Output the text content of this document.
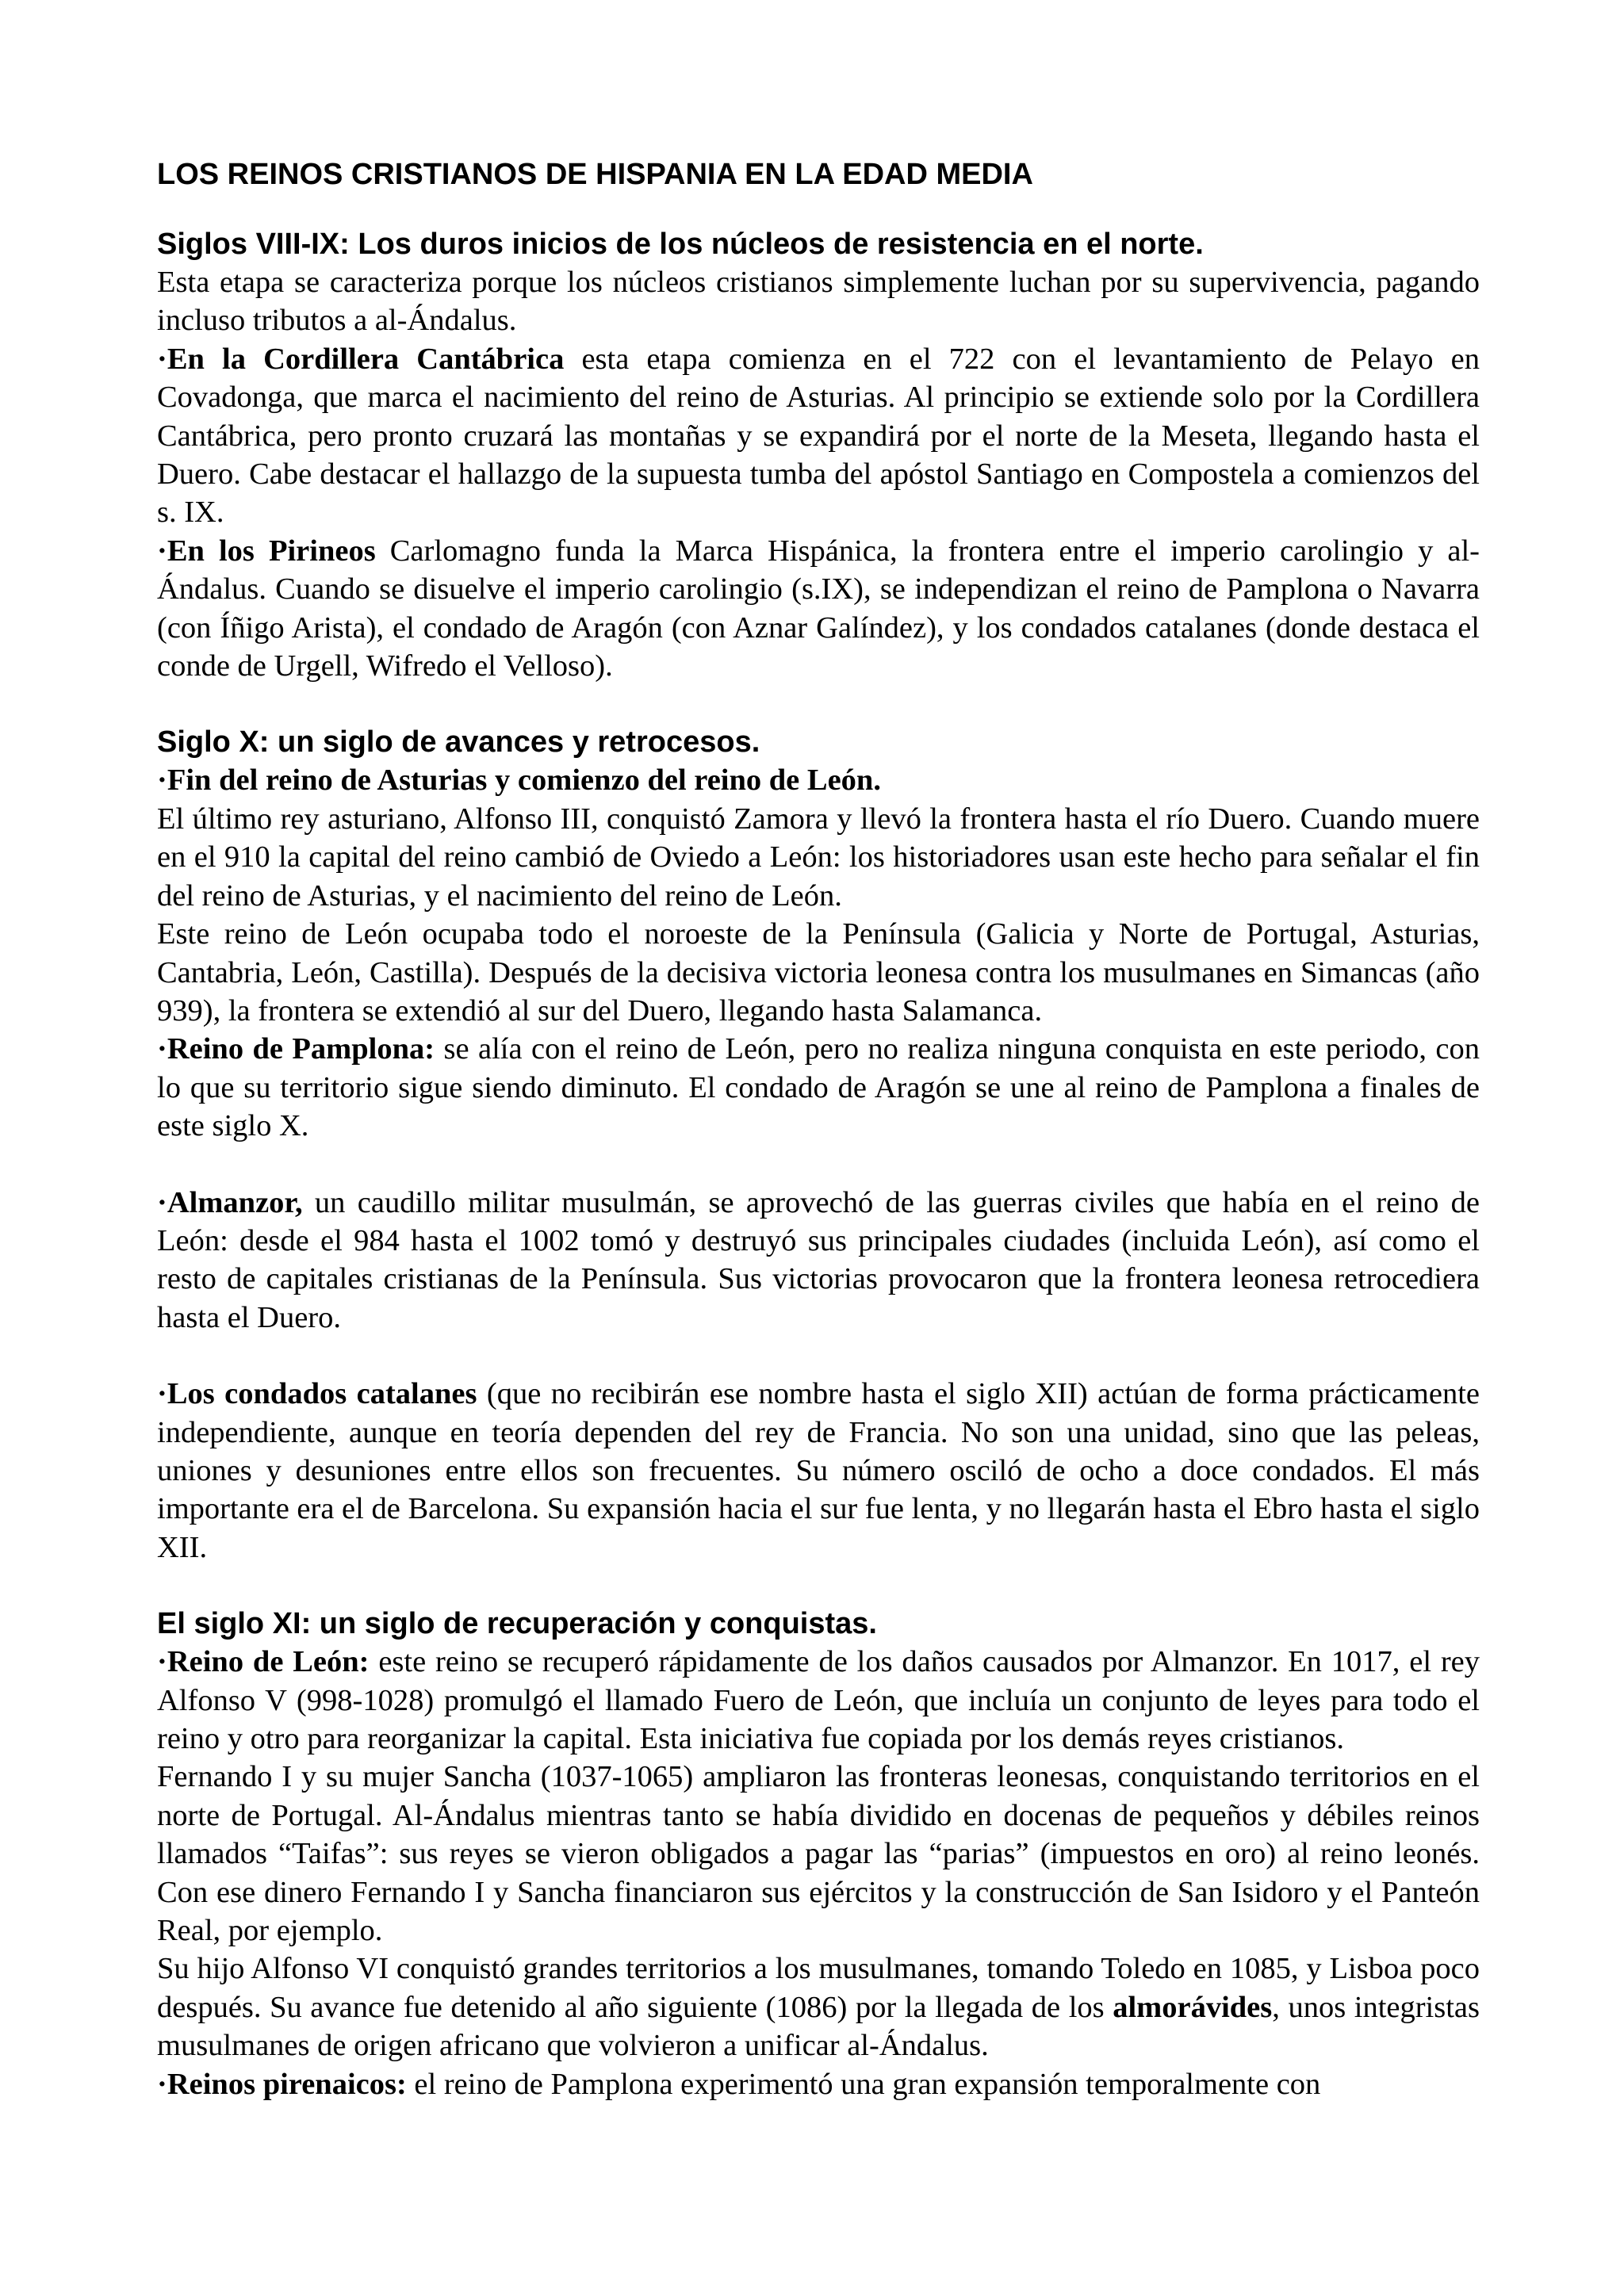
LOS REINOS CRISTIANOS DE HISPANIA EN LA EDAD MEDIA
Siglos VIII-IX: Los duros inicios de los núcleos de resistencia en el norte.

Esta etapa se caracteriza porque los núcleos cristianos simplemente luchan por su supervivencia, pagando incluso tributos a al-Ándalus.

·En la Cordillera Cantábrica esta etapa comienza en el 722 con el levantamiento de Pelayo en Covadonga, que marca el nacimiento del reino de Asturias. Al principio se extiende solo por la Cordillera Cantábrica, pero pronto cruzará las montañas y se expandirá por el norte de la Meseta, llegando hasta el Duero. Cabe destacar el hallazgo de la supuesta tumba del apóstol Santiago en Compostela a comienzos del s. IX.

·En los Pirineos Carlomagno funda la Marca Hispánica, la frontera entre el imperio carolingio y al-Ándalus. Cuando se disuelve el imperio carolingio (s.IX), se independizan el reino de Pamplona o Navarra (con Íñigo Arista), el condado de Aragón (con Aznar Galíndez), y los condados catalanes (donde destaca el conde de Urgell, Wifredo el Velloso).

Siglo X: un siglo de avances y retrocesos.

·Fin del reino de Asturias y comienzo del reino de León.

El último rey asturiano, Alfonso III, conquistó Zamora y llevó la frontera hasta el río Duero. Cuando muere en el 910 la capital del reino cambió de Oviedo a León: los historiadores usan este hecho para señalar el fin del reino de Asturias, y el nacimiento del reino de León.

Este reino de León ocupaba todo el noroeste de la Península (Galicia y Norte de Portugal, Asturias, Cantabria, León, Castilla). Después de la decisiva victoria leonesa contra los musulmanes en Simancas (año 939), la frontera se extendió al sur del Duero, llegando hasta Salamanca.

·Reino de Pamplona: se alía con el reino de León, pero no realiza ninguna conquista en este periodo, con lo que su territorio sigue siendo diminuto. El condado de Aragón se une al reino de Pamplona a finales de este siglo X.

·Almanzor, un caudillo militar musulmán, se aprovechó de las guerras civiles que había en el reino de León: desde el 984 hasta el 1002 tomó y destruyó sus principales ciudades (incluida León), así como el resto de capitales cristianas de la Península. Sus victorias provocaron que la frontera leonesa retrocediera hasta el Duero.

·Los condados catalanes (que no recibirán ese nombre hasta el siglo XII) actúan de forma prácticamente independiente, aunque en teoría dependen del rey de Francia. No son una unidad, sino que las peleas, uniones y desuniones entre ellos son frecuentes. Su número osciló de ocho a doce condados. El más importante era el de Barcelona. Su expansión hacia el sur fue lenta, y no llegarán hasta el Ebro hasta el siglo XII.

El siglo XI: un siglo de recuperación y conquistas.

·Reino de León: este reino se recuperó rápidamente de los daños causados por Almanzor. En 1017, el rey Alfonso V (998-1028) promulgó el llamado Fuero de León, que incluía un conjunto de leyes para todo el reino y otro para reorganizar la capital. Esta iniciativa fue copiada por los demás reyes cristianos.

Fernando I y su mujer Sancha (1037-1065) ampliaron las fronteras leonesas, conquistando territorios en el norte de Portugal. Al-Ándalus mientras tanto se había dividido en docenas de pequeños y débiles reinos llamados “Taifas”: sus reyes se vieron obligados a pagar las “parias” (impuestos en oro) al reino leonés. Con ese dinero Fernando I y Sancha financiaron sus ejércitos y la construcción de San Isidoro y el Panteón Real, por ejemplo.

Su hijo Alfonso VI conquistó grandes territorios a los musulmanes, tomando Toledo en 1085, y Lisboa poco después. Su avance fue detenido al año siguiente (1086) por la llegada de los almorávides, unos integristas musulmanes de origen africano que volvieron a unificar al-Ándalus.

·Reinos pirenaicos: el reino de Pamplona experimentó una gran expansión temporalmente con
